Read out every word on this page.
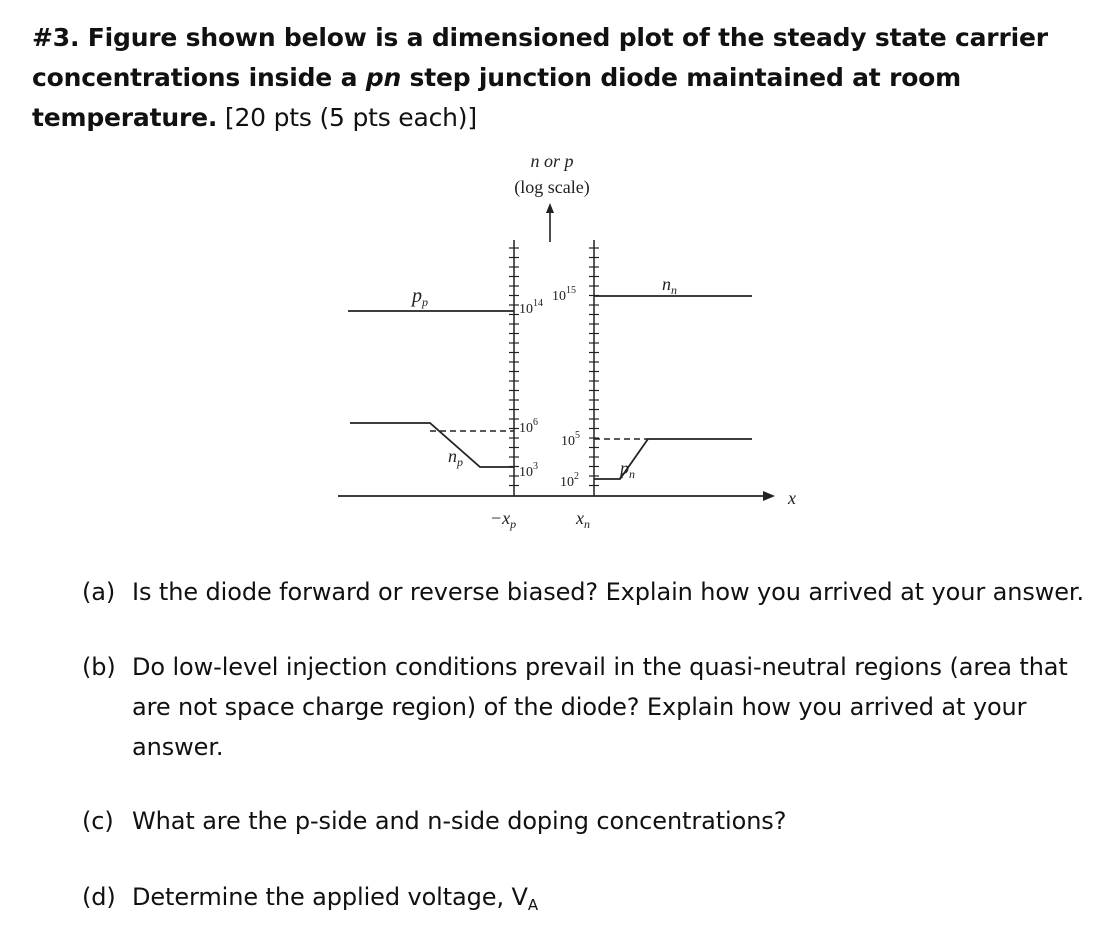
#3. Figure shown below is a dimensioned plot of the steady state carrier concentrations inside a pn step junction diode maintained at room temperature. [20 pts (5 pts each)]
n or p
(log scale)
x
$10^{14}$ $10^{15}$
$10^6$
$10^5$
$10^3$
$10^2$
$p_p$
$n_n$
$n_p$	$p_n$
$-x_p$	$x_n$
(a) Is the diode forward or reverse biased? Explain how you arrived at your answer.
(b) Do low-level injection conditions prevail in the quasi-neutral regions (area that
are not space charge region) of the diode? Explain how you arrived at your
answer.
(c) What are the p-side and n-side doping concentrations?
(d) Determine the applied voltage, $V_A$
